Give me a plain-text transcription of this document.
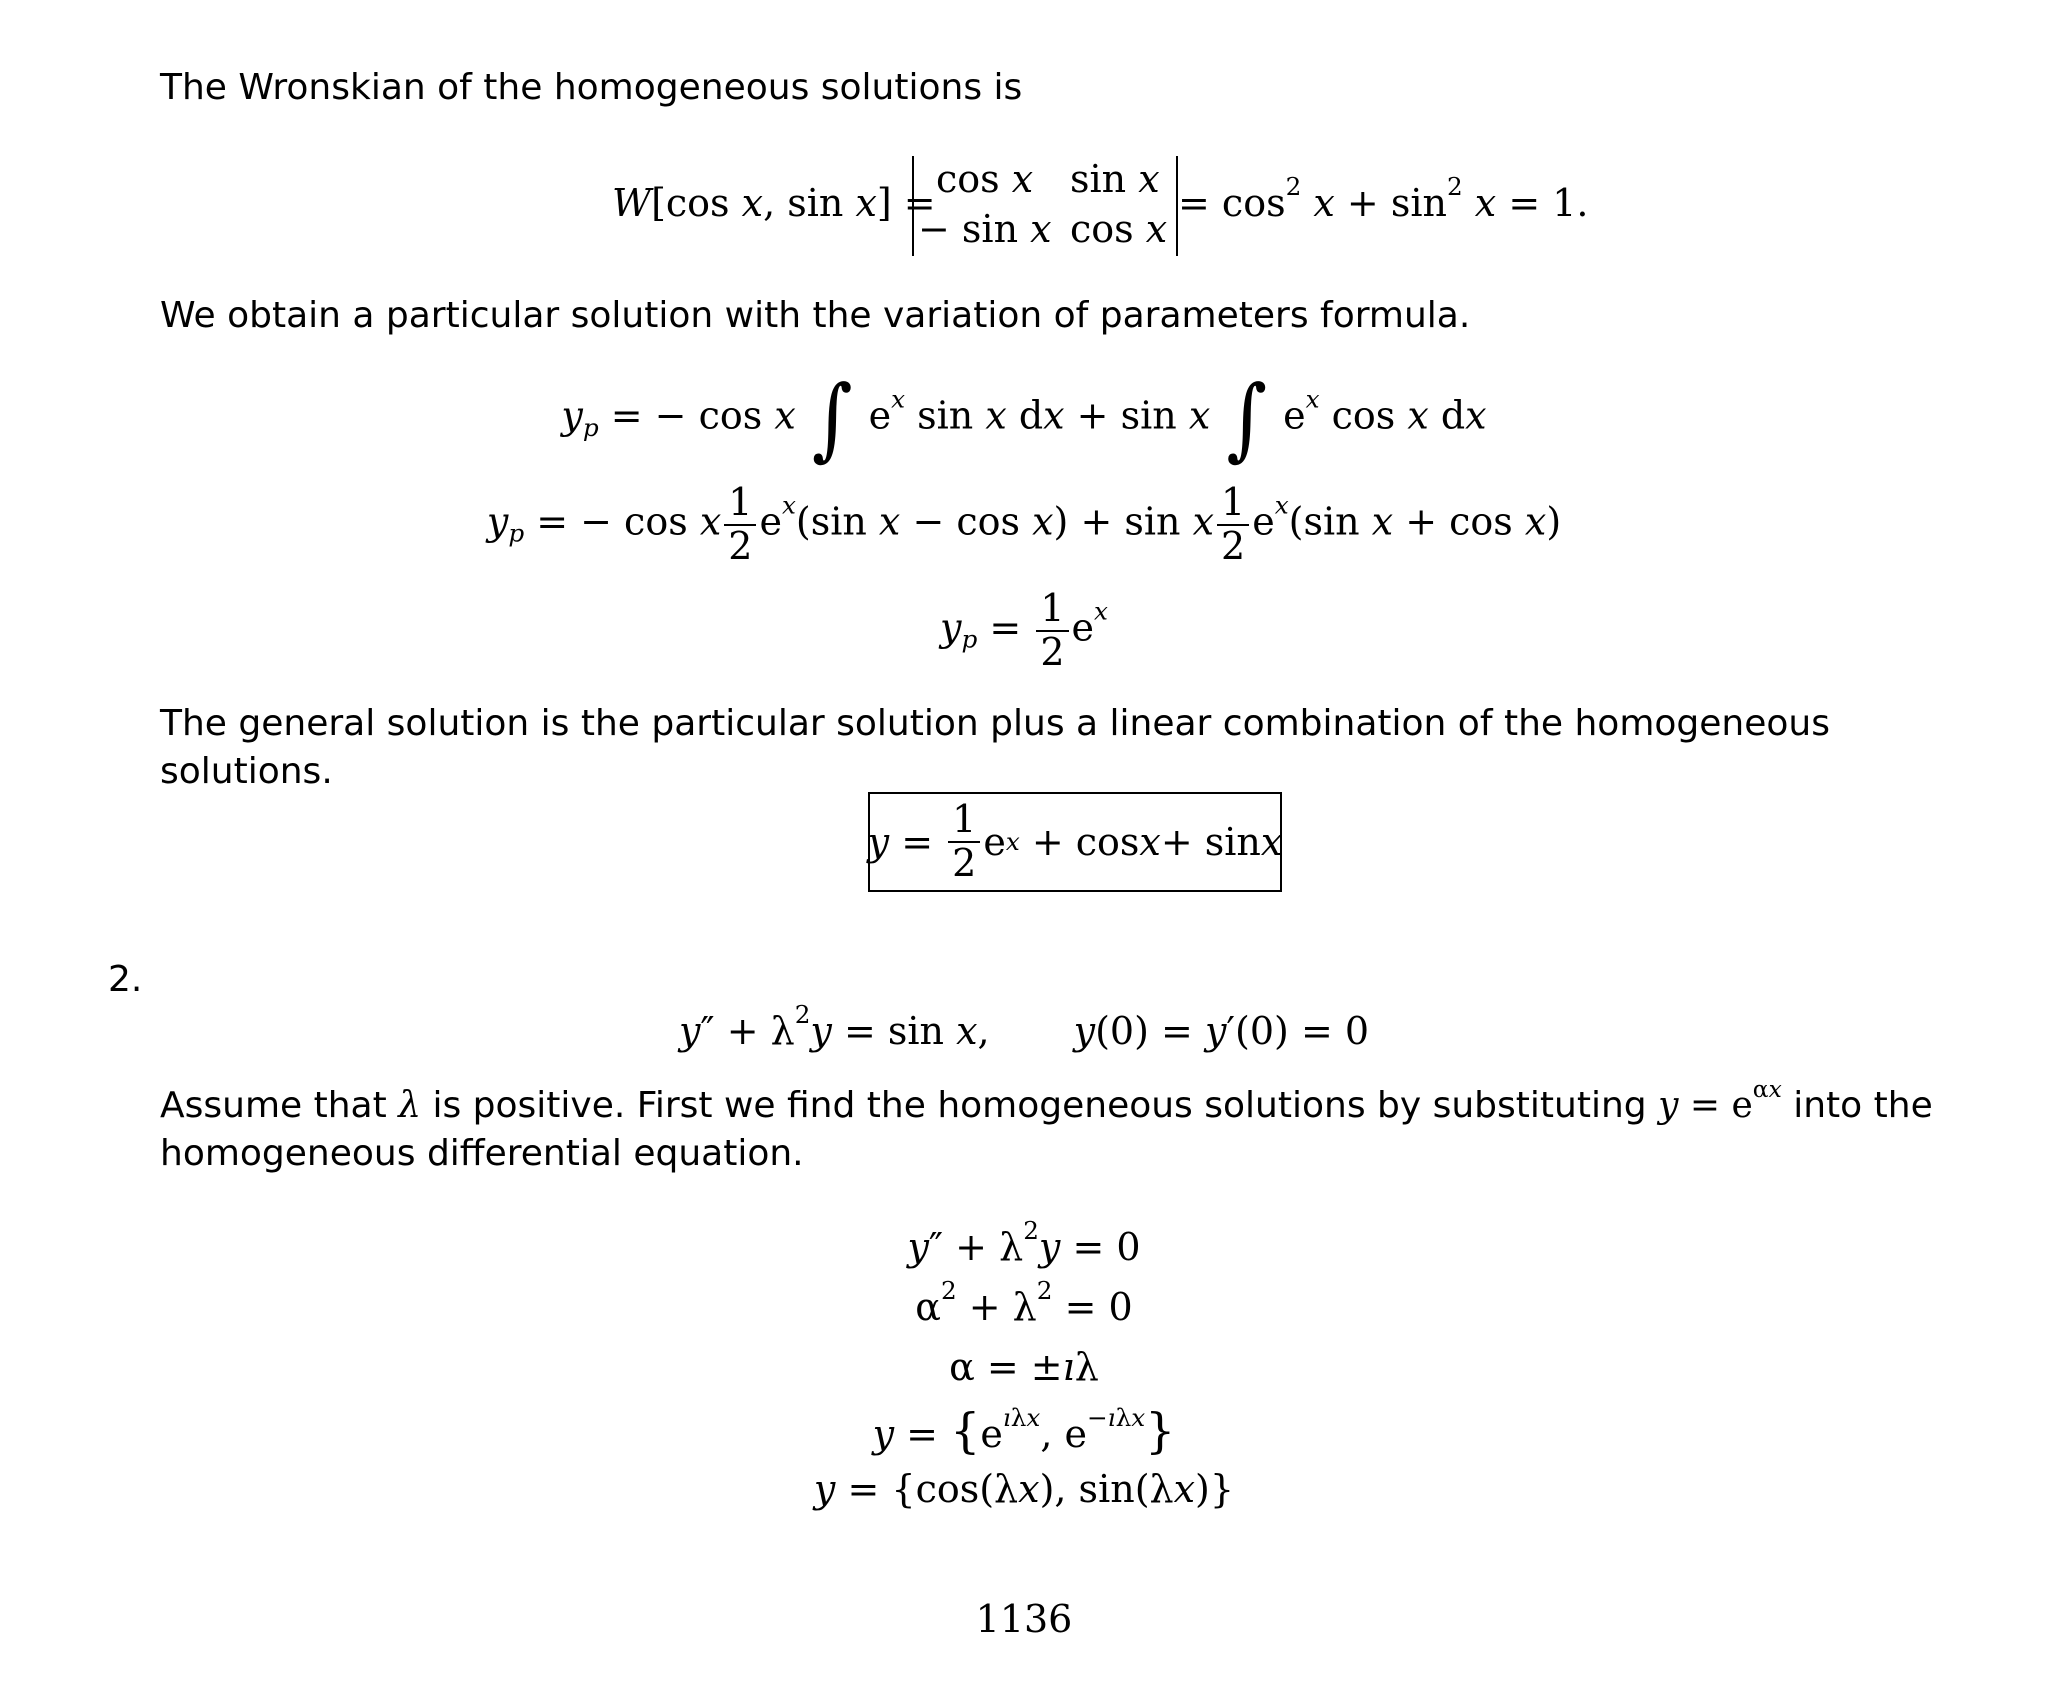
The Wronskian of the homogeneous solutions is

W[cos x, sin x] =
cos x sin x
− sin x cos x
= $\cos^2 x + \sin^2 x = 1$.

We obtain a particular solution with the variation of parameters formula.

$y_p$ = − cos x ∫ $e^x$ sin x dx + sin x ∫ $e^x$ cos x dx
$y_p$ = − cos x $\frac{1}{2} e^x(\sin$ x − cos x) + sin x $\frac{1}{2} e^x(\sin$ x + cos x)
$y_p = \frac{1}{2} e^x$

The general solution is the particular solution plus a linear combination of the homogeneous solutions.

$y = \frac{1}{2}$ e x + cos x + sin x
2.
$y'' + \lambda^2y = \sin x$, y(0) = y′(0) = 0

Assume that λ is positive. First we find the homogeneous solutions by substituting $y = e^{\alpha x}$ into the homogeneous differential equation.

$y'' + \lambda^2y = 0$
$\alpha^2 + \lambda^2 = 0$
α = ±ıλ
$y = \{e^{ı\lambda x}$, $e^{-ı\lambda x}$}
y = {cos(λx), sin(λx)}
1136
